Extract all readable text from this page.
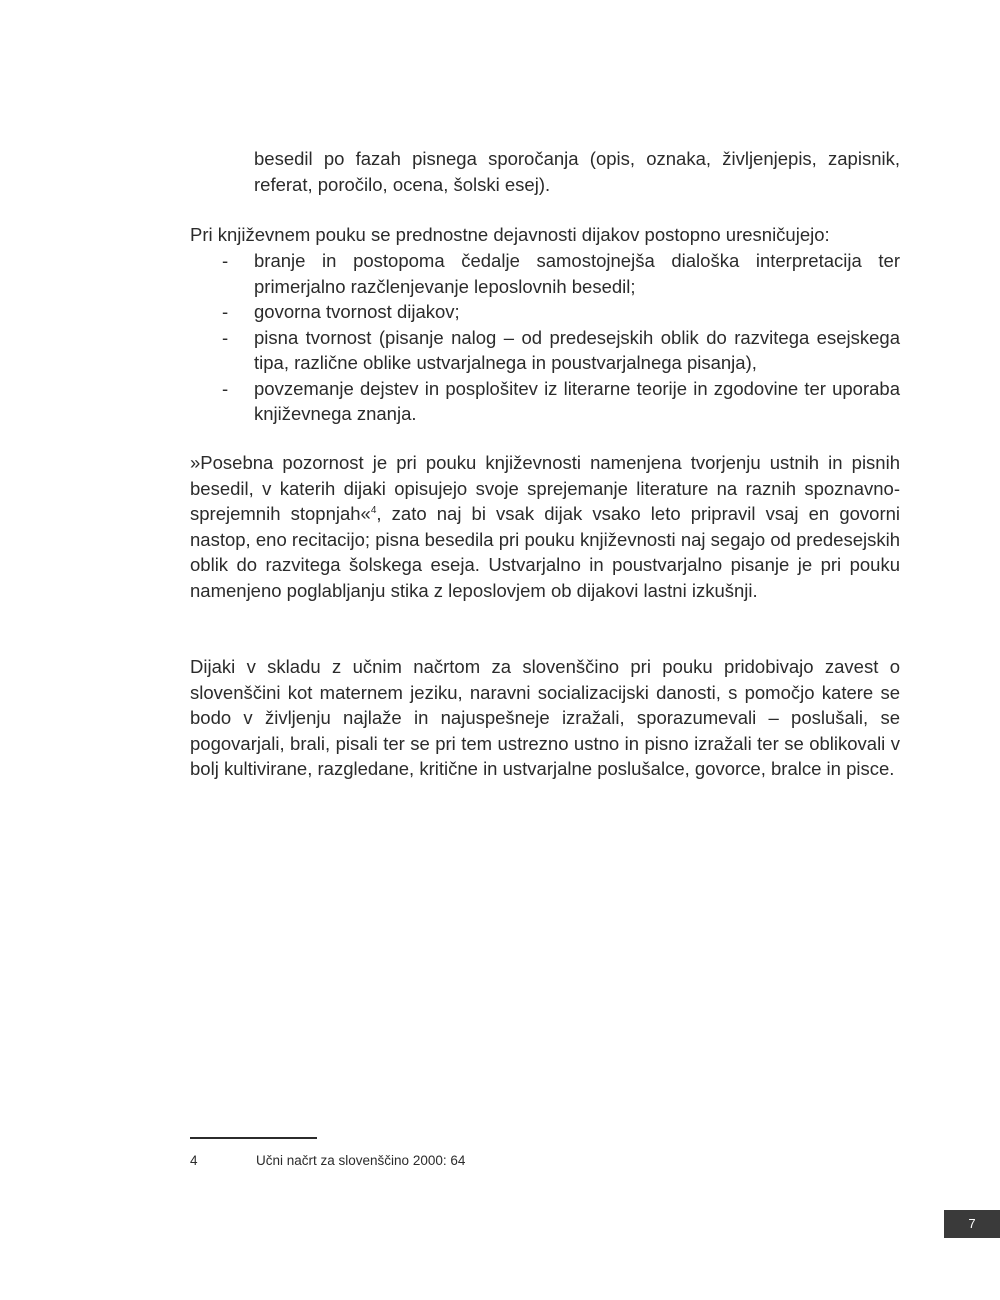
besedil po fazah pisnega sporočanja (opis, oznaka, življenjepis, zapisnik, referat, poročilo, ocena, šolski esej).

Pri književnem pouku se prednostne dejavnosti dijakov postopno uresničujejo:

- branje in postopoma čedalje samostojnejša dialoška interpretacija ter primerjalno razčlenjevanje leposlovnih besedil;
- govorna tvornost dijakov;
- pisna tvornost (pisanje nalog – od predesejskih oblik do razvitega esejskega tipa, različne oblike ustvarjalnega in poustvarjalnega pisanja),
- povzemanje dejstev in posplošitev iz literarne teorije in zgodovine ter uporaba književnega znanja.

»Posebna pozornost je pri pouku književnosti namenjena tvorjenju ustnih in pisnih besedil, v katerih dijaki opisujejo svoje sprejemanje literature na raznih spoznavno-sprejemnih stopnjah«$^4$, zato naj bi vsak dijak vsako leto pripravil vsaj en govorni nastop, eno recitacijo; pisna besedila pri pouku književnosti naj segajo od predesejskih oblik do razvitega šolskega eseja. Ustvarjalno in poustvarjalno pisanje je pri pouku namenjeno poglabljanju stika z leposlovjem ob dijakovi lastni izkušnji.

Dijaki v skladu z učnim načrtom za slovenščino pri pouku pridobivajo zavest o slovenščini kot maternem jeziku, naravni socializacijski danosti, s pomočjo katere se bodo v življenju najlaže in najuspešneje izražali, sporazumevali – poslušali, se pogovarjali, brali, pisali ter se pri tem ustrezno ustno in pisno izražali ter se oblikovali v bolj kultivirane, razgledane, kritične in ustvarjalne poslušalce, govorce, bralce in pisce.

4	Učni načrt za slovenščino 2000: 64
7
